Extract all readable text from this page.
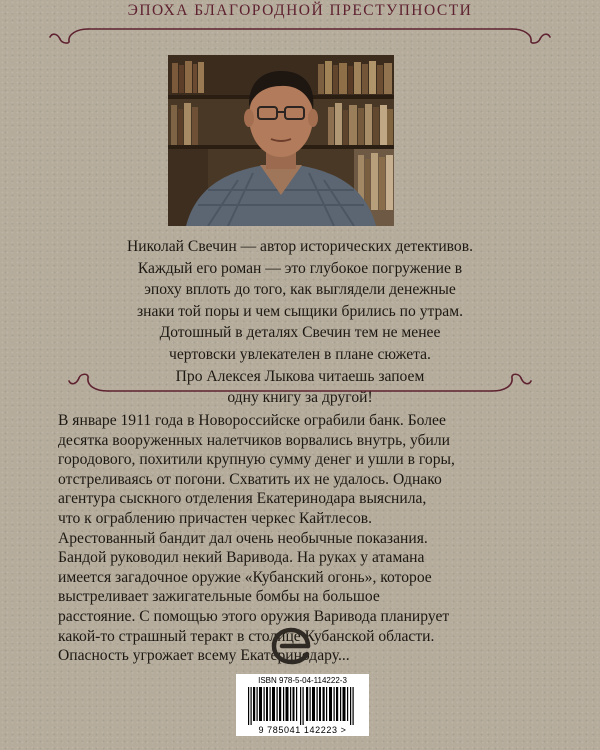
ЭПОХА БЛАГОРОДНОЙ ПРЕСТУПНОСТИ
Николай Свечин — автор исторических детективов.
Каждый его роман — это глубокое погружение в
эпоху вплоть до того, как выглядели денежные
знаки той поры и чем сыщики брились по утрам.
Дотошный в деталях Свечин тем не менее
чертовски увлекателен в плане сюжета.
Про Алексея Лыкова читаешь запоем
одну книгу за другой!
В январе 1911 года в Новороссийске ограбили банк. Более
десятка вооруженных налетчиков ворвались внутрь, убили
городового, похитили крупную сумму денег и ушли в горы,
отстреливаясь от погони. Схватить их не удалось. Однако
агентура сыскного отделения Екатеринодара выяснила,
что к ограблению причастен черкес Кайтлесов.
Арестованный бандит дал очень необычные показания.
Бандой руководил некий Варивода. На руках у атамана
имеется загадочное оружие «Кубанский огонь», которое
выстреливает зажигательные бомбы на большое
расстояние. С помощью этого оружия Варивода планирует
какой-то страшный теракт в столице Кубанской области.
Опасность угрожает всему Екатеринодару...
ISBN 978-5-04-114222-3
9 785041 142223 >
